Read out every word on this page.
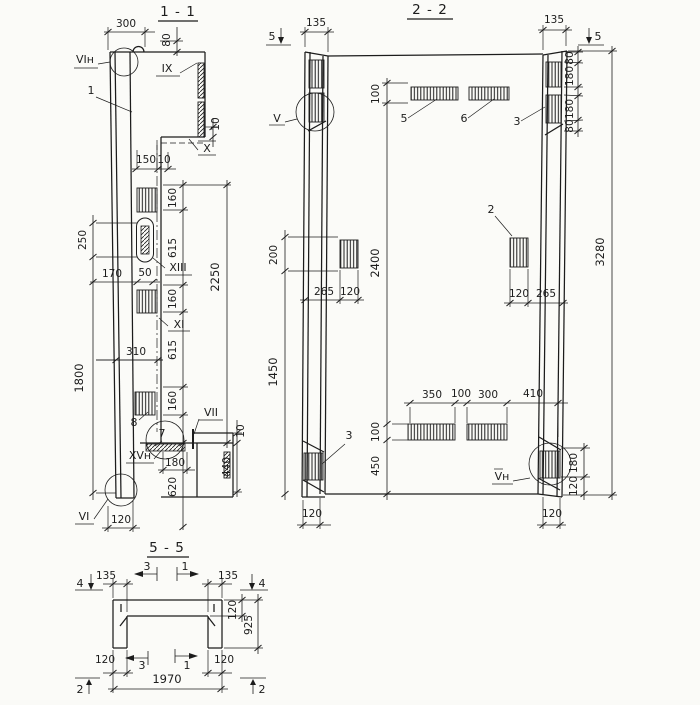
1 - 1
300
80
VIн
1
IX
10
X
150 10
250
1800
170 50 XIII
160
615
160
615
160
2250
310
XI
8
7
VII
10
XVн
180
620
440
VI 120
2 - 2
5
135	135
5
80
180
180
80
3280
100
5	6	3
V
200
1450
2400
2
265 120	120 265
350 100 300 410
100
450
3
Vн
180
120
120	120
5 - 5
4
135
3	1
135
4
120
925
120 3	1 120
1970
2	2
